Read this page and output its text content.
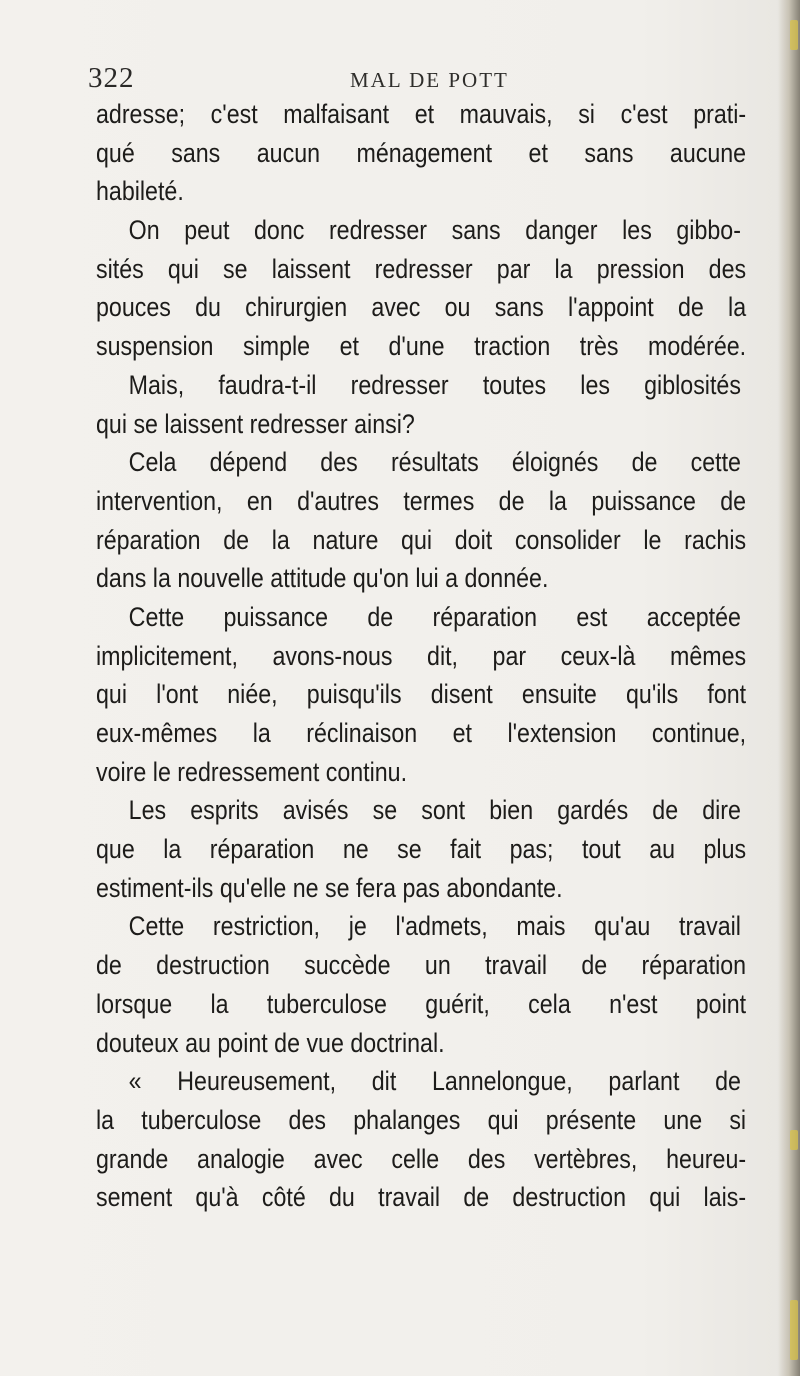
322	MAL DE POTT
adresse; c'est malfaisant et mauvais, si c'est prati-
qué sans aucun ménagement et sans aucune
habileté.
On peut donc redresser sans danger les gibbo-
sités qui se laissent redresser par la pression des
pouces du chirurgien avec ou sans l'appoint de la
suspension simple et d'une traction très modérée.
Mais, faudra-t-il redresser toutes les giblosités
qui se laissent redresser ainsi?
Cela dépend des résultats éloignés de cette
intervention, en d'autres termes de la puissance de
réparation de la nature qui doit consolider le rachis
dans la nouvelle attitude qu'on lui a donnée.
Cette puissance de réparation est acceptée
implicitement, avons-nous dit, par ceux-là mêmes
qui l'ont niée, puisqu'ils disent ensuite qu'ils font
eux-mêmes la réclinaison et l'extension continue,
voire le redressement continu.
Les esprits avisés se sont bien gardés de dire
que la réparation ne se fait pas; tout au plus
estiment-ils qu'elle ne se fera pas abondante.
Cette restriction, je l'admets, mais qu'au travail
de destruction succède un travail de réparation
lorsque la tuberculose guérit, cela n'est point
douteux au point de vue doctrinal.
« Heureusement, dit Lannelongue, parlant de
la tuberculose des phalanges qui présente une si
grande analogie avec celle des vertèbres, heureu-
sement qu'à côté du travail de destruction qui lais-
